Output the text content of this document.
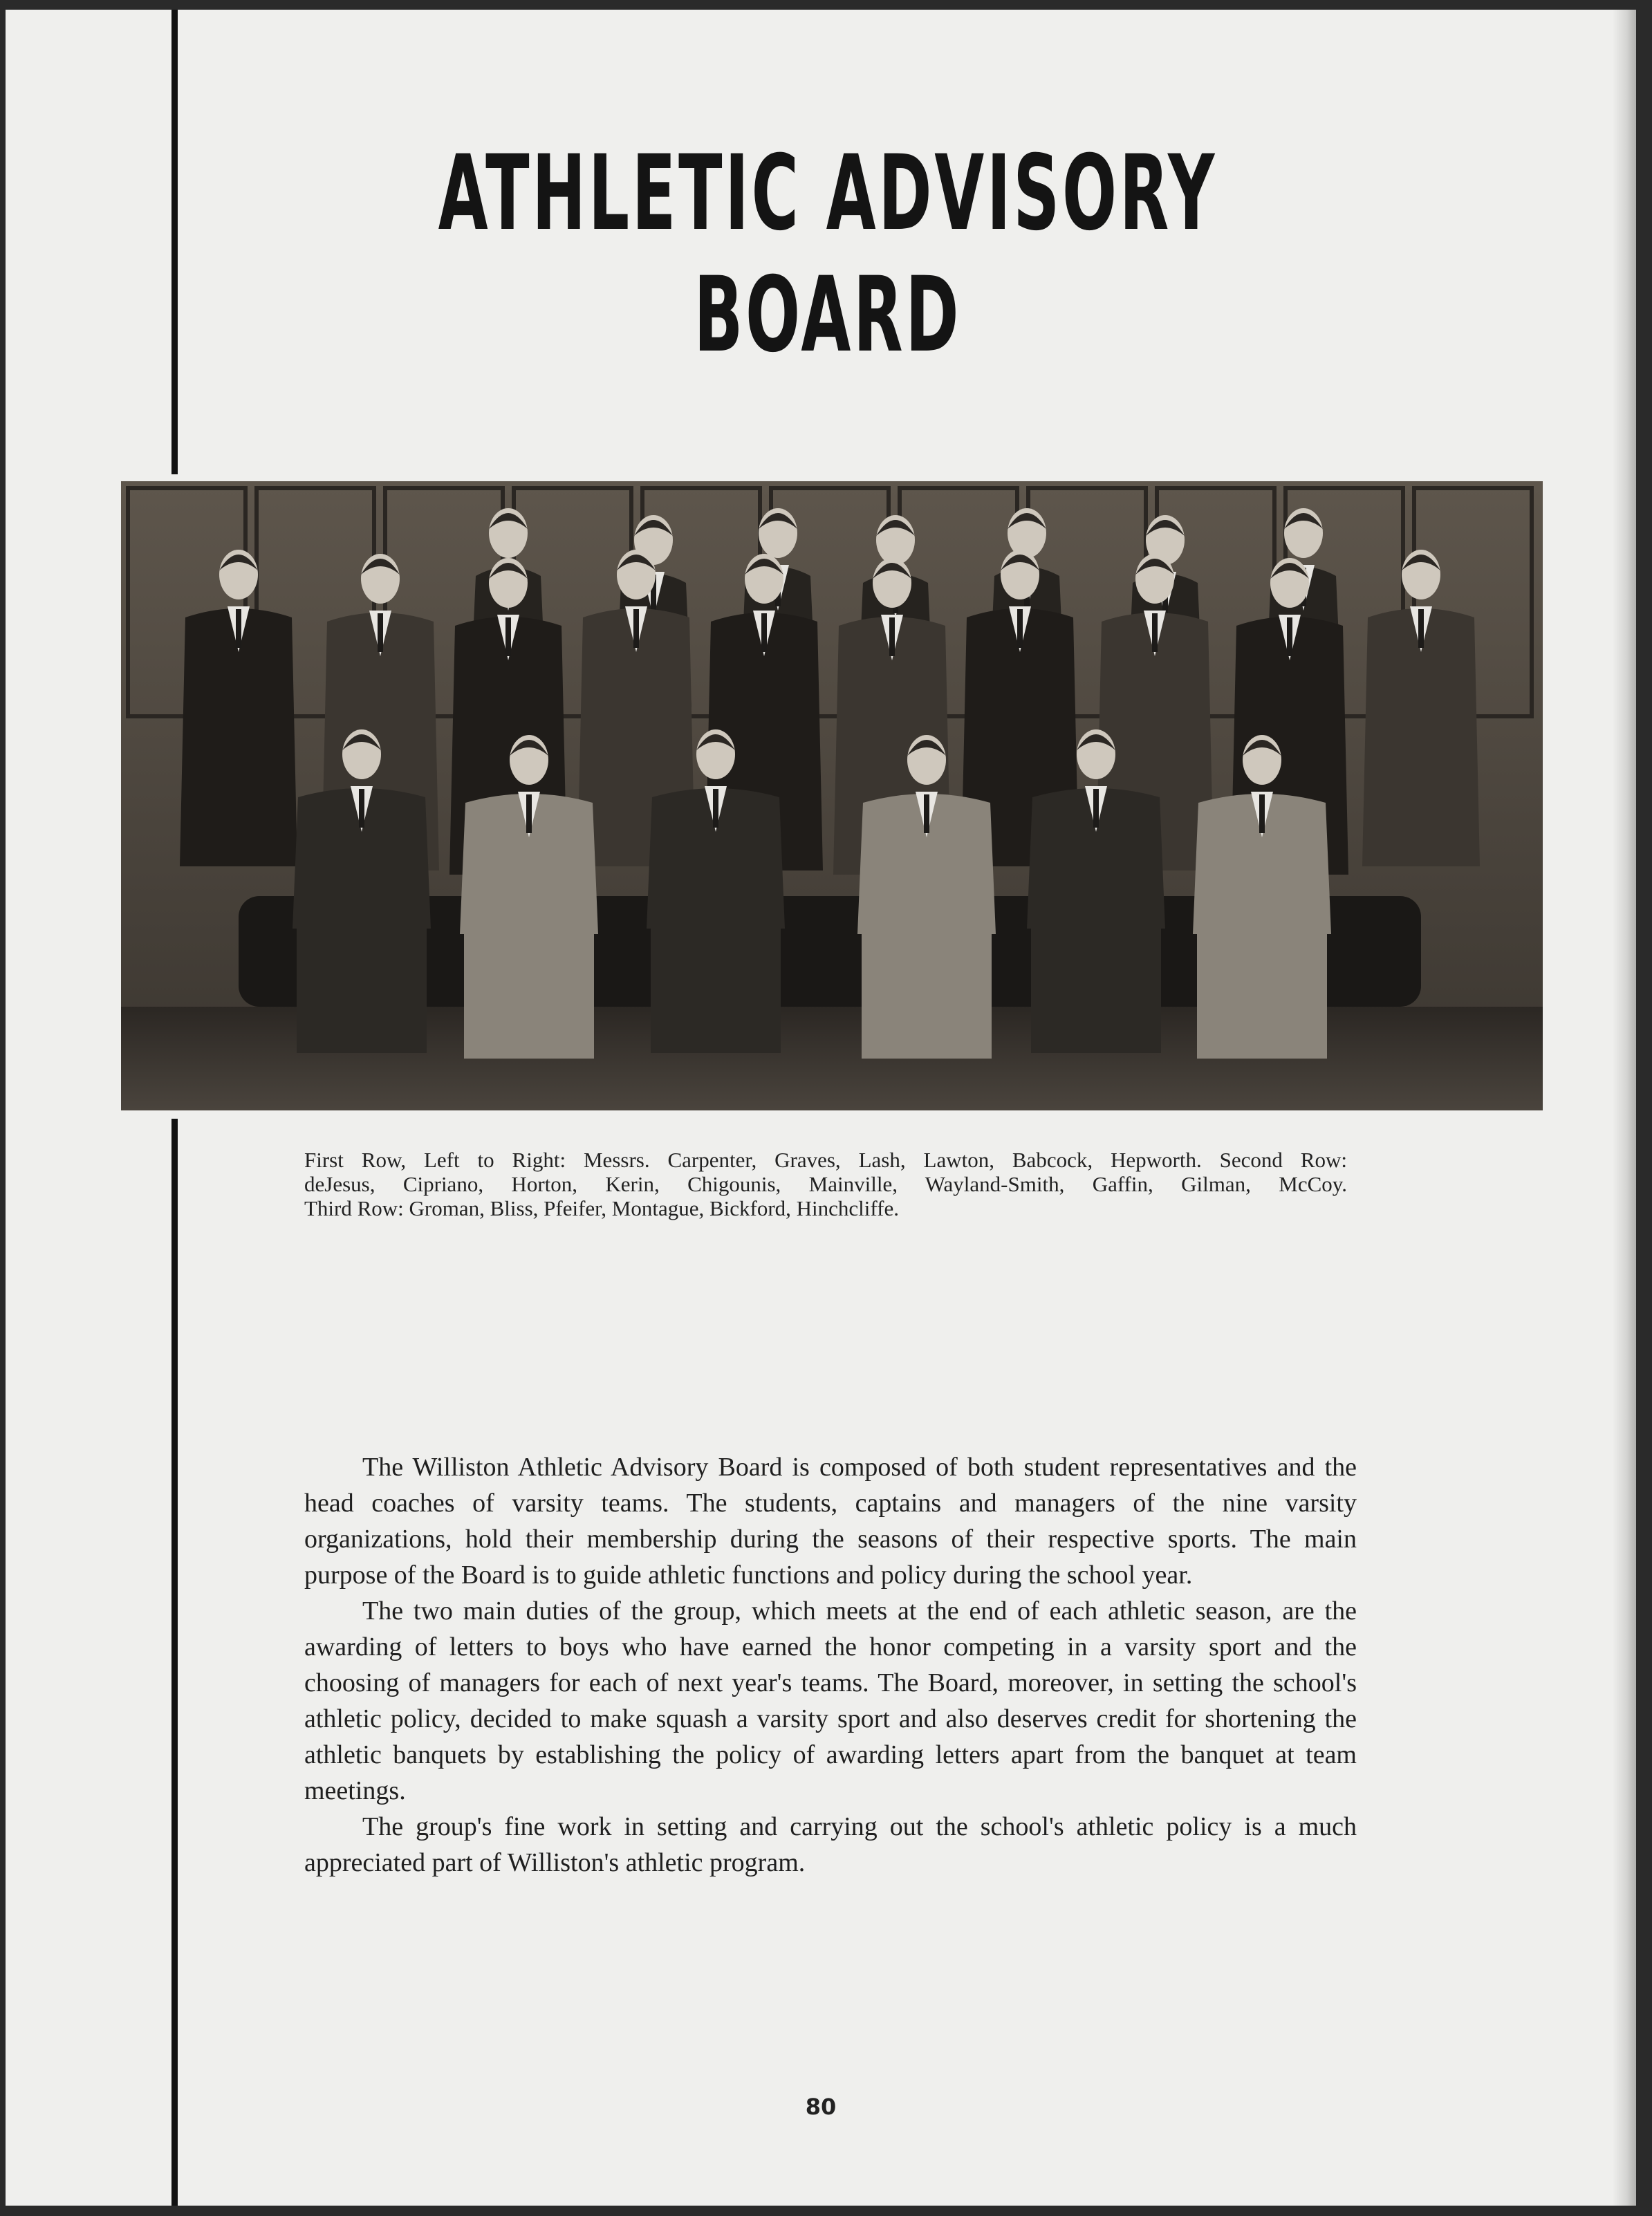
ATHLETIC ADVISORY
BOARD
First Row, Left to Right: Messrs. Carpenter, Graves, Lash, Lawton, Babcock, Hepworth. Second Row:
deJesus, Cipriano, Horton, Kerin, Chigounis, Mainville, Wayland-Smith, Gaffin, Gilman, McCoy.
Third Row: Groman, Bliss, Pfeifer, Montague, Bickford, Hinchcliffe.

The Williston Athletic Advisory Board is composed of both student representatives and the head coaches of varsity teams. The students, captains and managers of the nine varsity organizations, hold their membership during the seasons of their respective sports. The main purpose of the Board is to guide athletic functions and policy during the school year.

The two main duties of the group, which meets at the end of each athletic season, are the awarding of letters to boys who have earned the honor competing in a varsity sport and the choosing of managers for each of next year's teams. The Board, moreover, in setting the school's athletic policy, decided to make squash a varsity sport and also deserves credit for shortening the athletic banquets by establishing the policy of awarding letters apart from the banquet at team meetings.

The group's fine work in setting and carrying out the school's athletic policy is a much appreciated part of Williston's athletic program.

80
